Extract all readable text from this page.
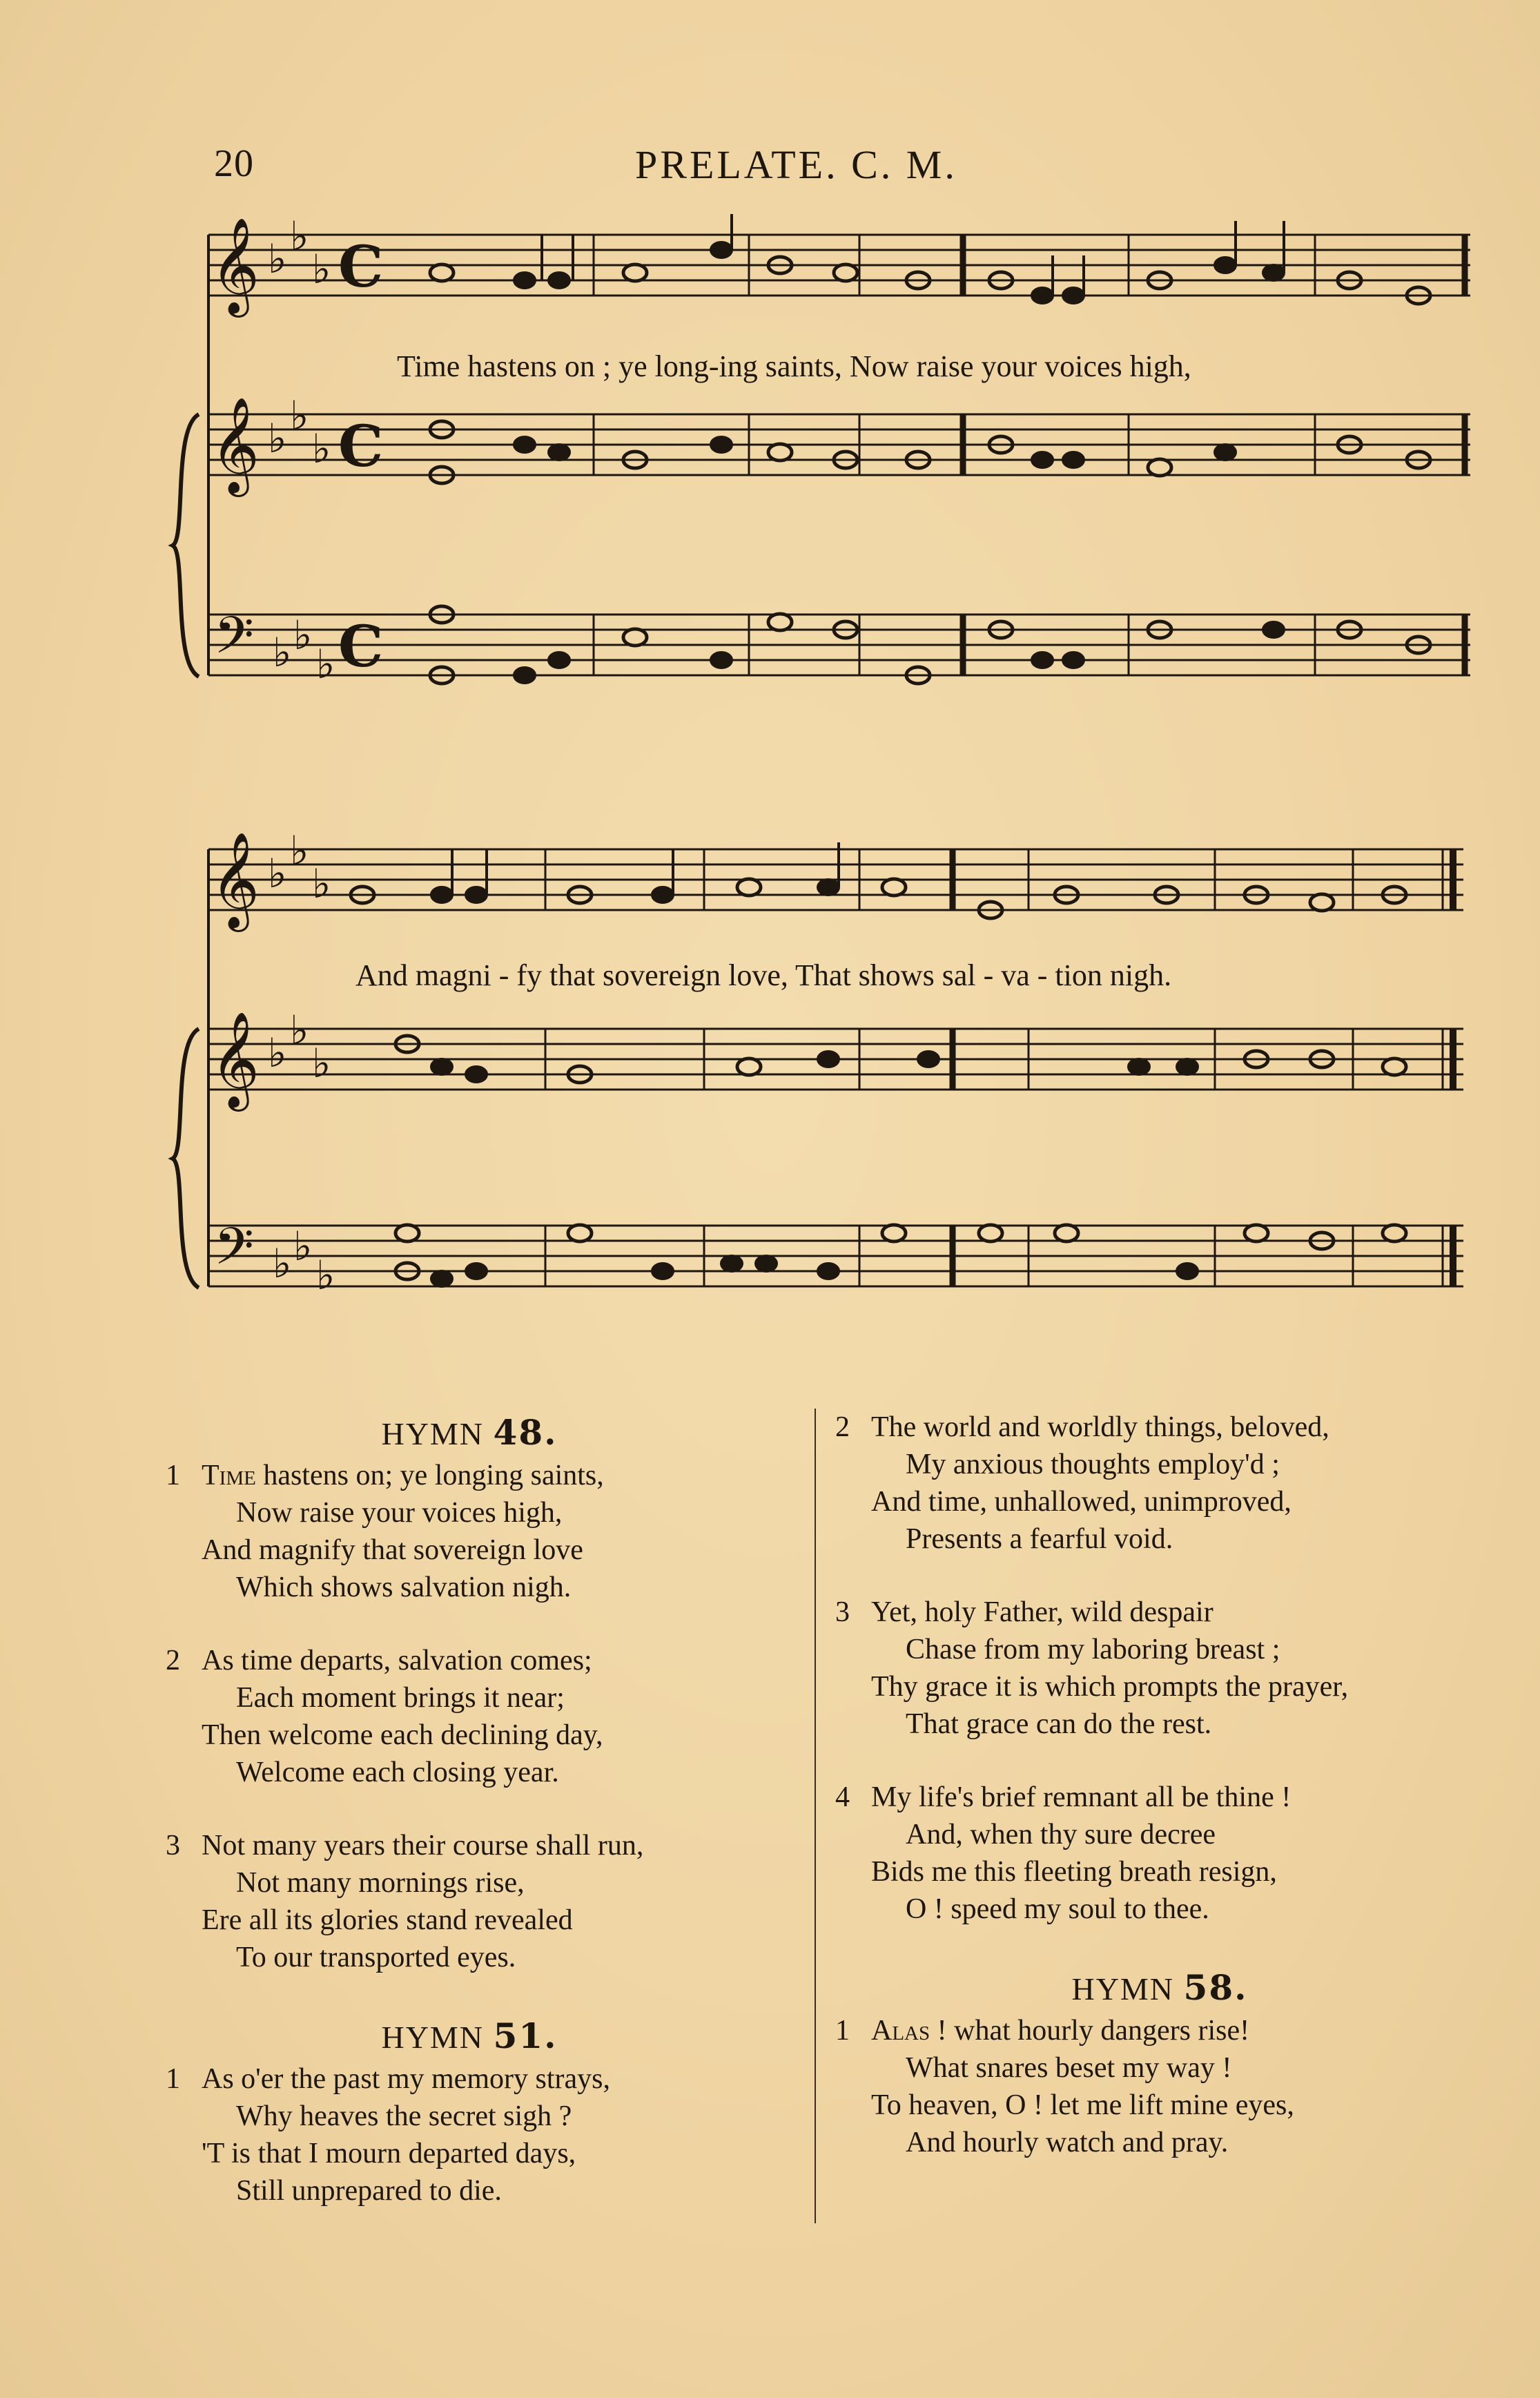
20	PRELATE. C. M.
𝄞
𝄞
𝄢
♭ ♭
♭
♭ ♭
♭
♭ ♭
♭
C
C
C
Time hastens on ; ye long-ing saints, Now raise your voices high,
𝄞
𝄞
𝄢
♭ ♭
♭
♭ ♭
♭
♭ ♭
♭
And magni - fy that sovereign love, That shows sal - va - tion nigh.

HYMN 48.

1 Time hastens on; ye longing saints,
Now raise your voices high,
And magnify that sovereign love
Which shows salvation nigh.
2 As time departs, salvation comes;
Each moment brings it near;
Then welcome each declining day,
Welcome each closing year.
3 Not many years their course shall run,
Not many mornings rise,
Ere all its glories stand revealed
To our transported eyes.

HYMN 51.

1 As o'er the past my memory strays,
Why heaves the secret sigh ?
'T is that I mourn departed days,
Still unprepared to die.
2 The world and worldly things, beloved,
My anxious thoughts employ'd ;
And time, unhallowed, unimproved,
Presents a fearful void.
3 Yet, holy Father, wild despair
Chase from my laboring breast ;
Thy grace it is which prompts the prayer,
That grace can do the rest.
4 My life's brief remnant all be thine !
And, when thy sure decree
Bids me this fleeting breath resign,
O ! speed my soul to thee.

HYMN 58.

1 Alas ! what hourly dangers rise!
What snares beset my way !
To heaven, O ! let me lift mine eyes,
And hourly watch and pray.
